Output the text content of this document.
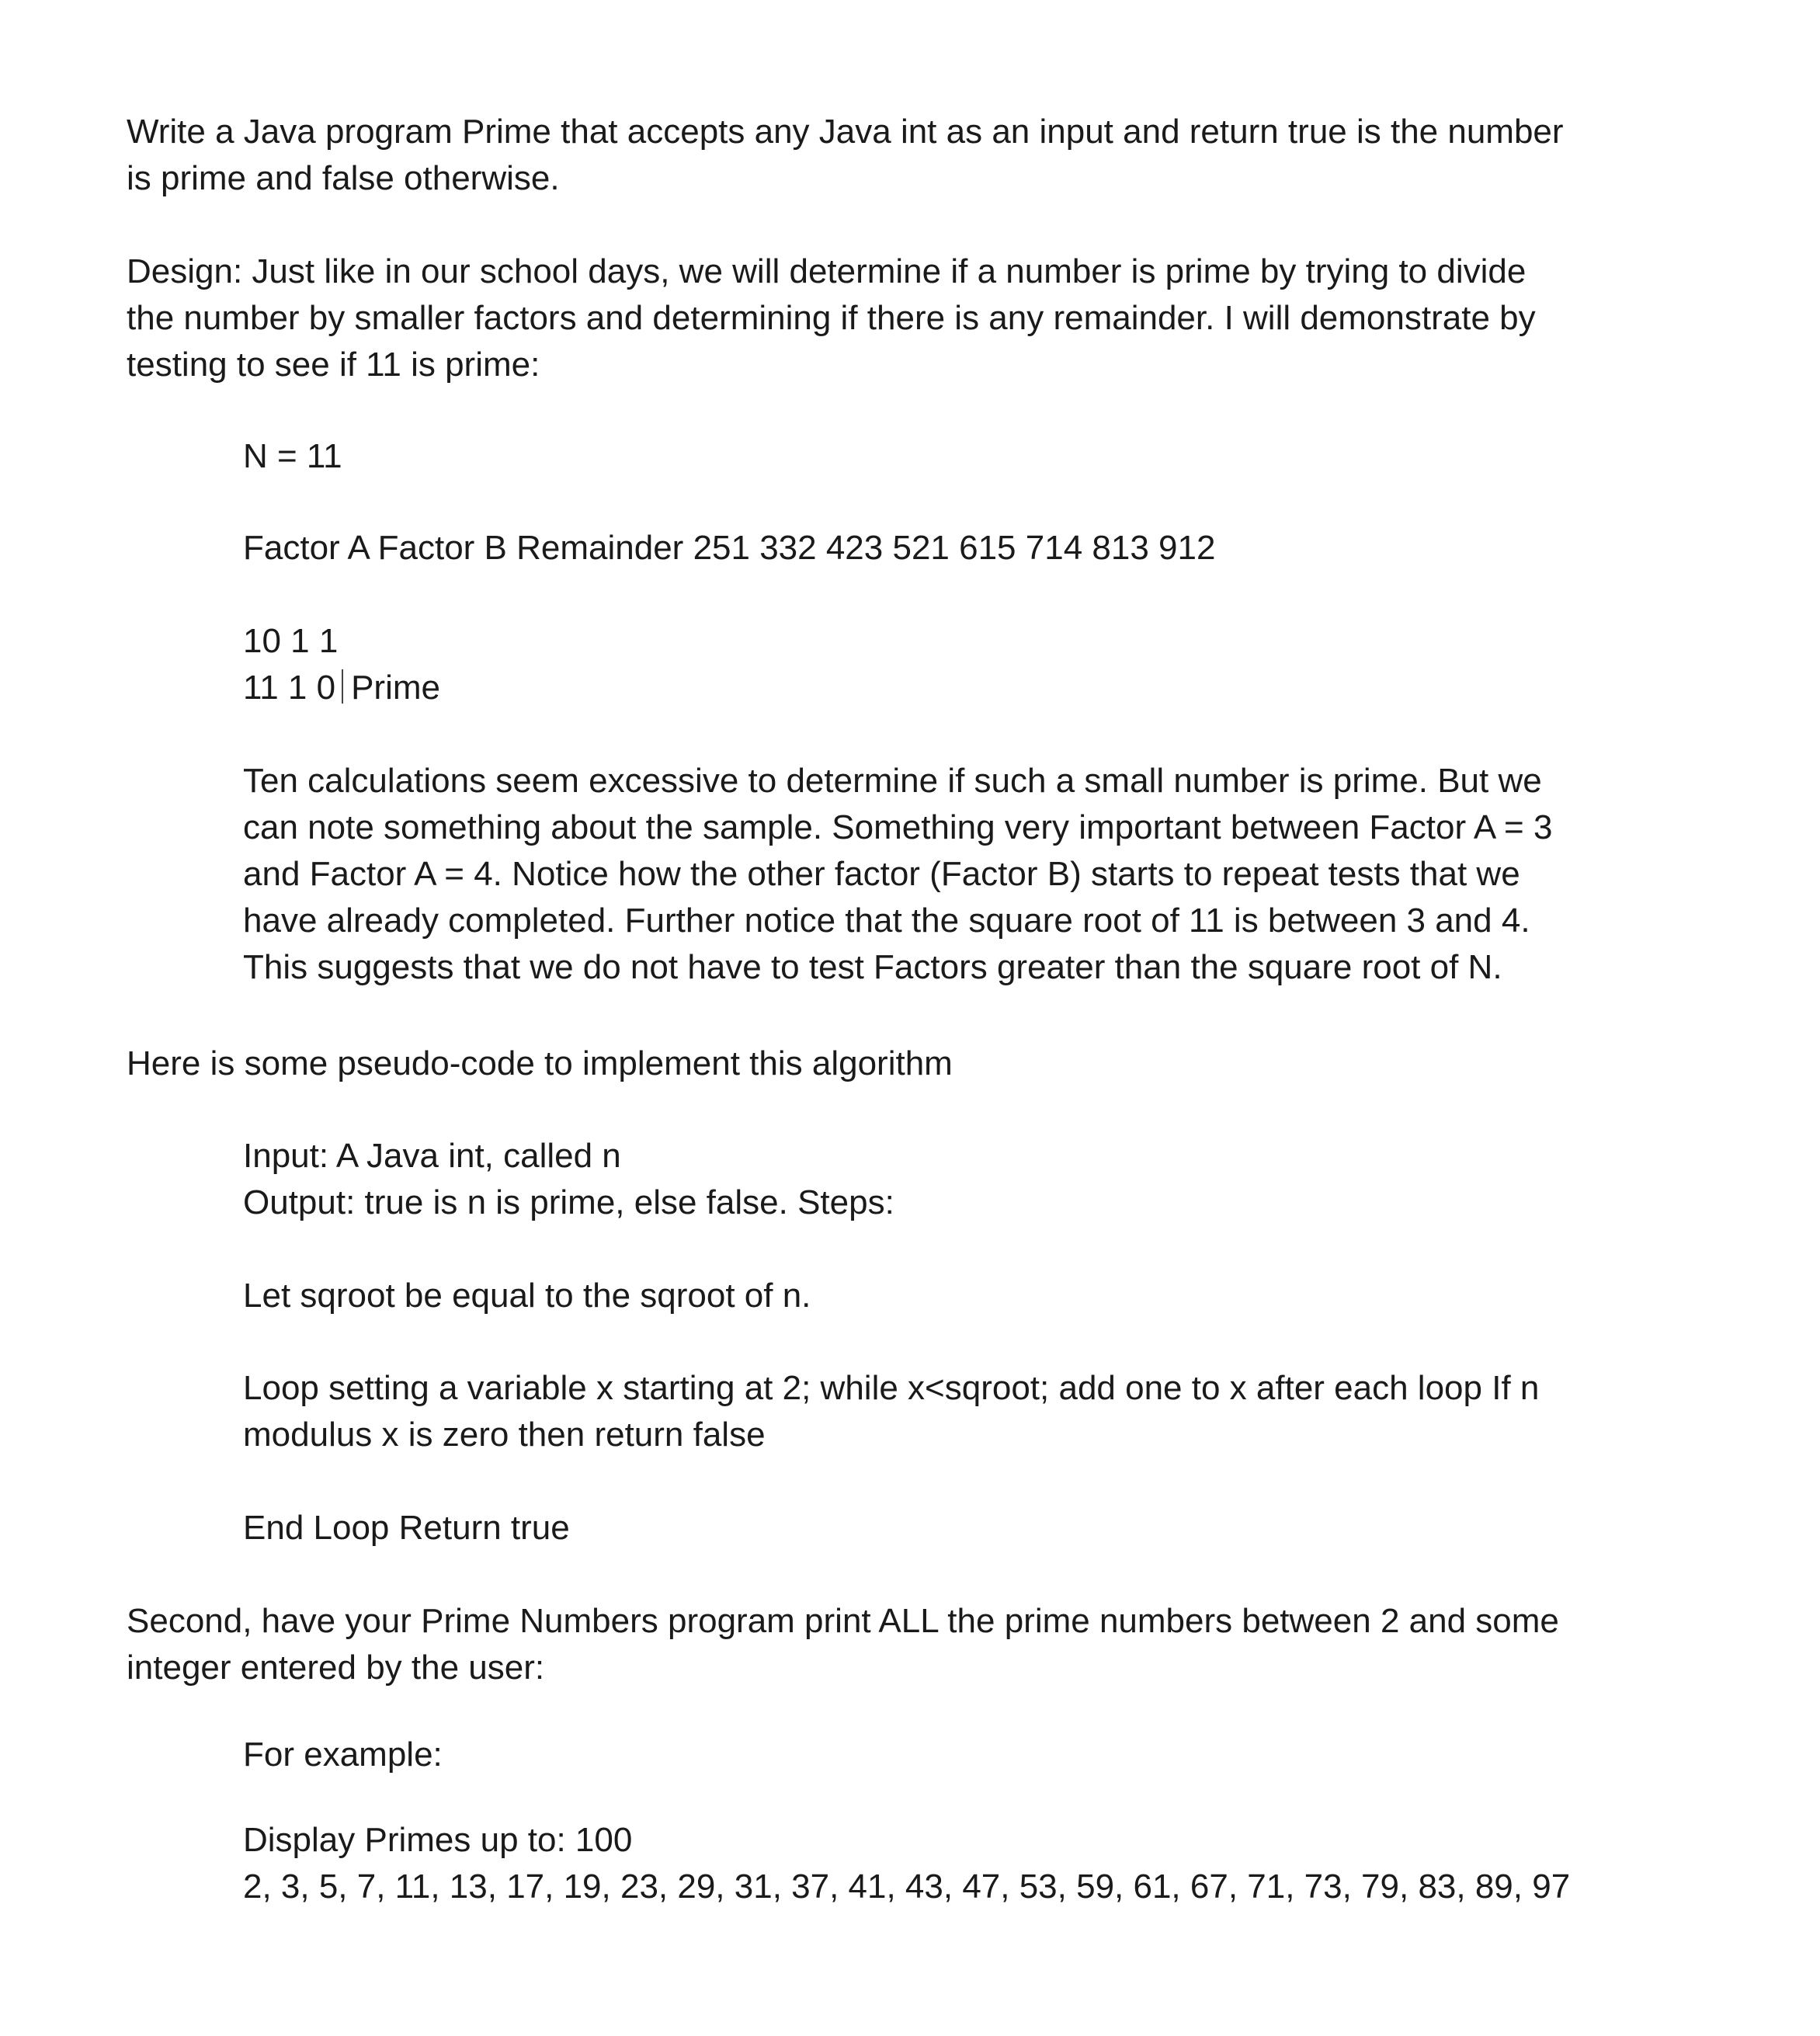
Write a Java program Prime that accepts any Java int as an input and return true is the number
is prime and false otherwise.
Design: Just like in our school days, we will determine if a number is prime by trying to divide
the number by smaller factors and determining if there is any remainder. I will demonstrate by
testing to see if 11 is prime:
N = 11
Factor A Factor B Remainder 251 332 423 521 615 714 813 912
10 1 1
11 1 0 Prime
Ten calculations seem excessive to determine if such a small number is prime. But we
can note something about the sample. Something very important between Factor A = 3
and Factor A = 4. Notice how the other factor (Factor B) starts to repeat tests that we
have already completed. Further notice that the square root of 11 is between 3 and 4.
This suggests that we do not have to test Factors greater than the square root of N.
Here is some pseudo-code to implement this algorithm
Input: A Java int, called n
Output: true is n is prime, else false. Steps:
Let sqroot be equal to the sqroot of n.
Loop setting a variable x starting at 2; while x<sqroot; add one to x after each loop If n
modulus x is zero then return false
End Loop Return true
Second, have your Prime Numbers program print ALL the prime numbers between 2 and some
integer entered by the user:
For example:
Display Primes up to: 100
2, 3, 5, 7, 11, 13, 17, 19, 23, 29, 31, 37, 41, 43, 47, 53, 59, 61, 67, 71, 73, 79, 83, 89, 97
